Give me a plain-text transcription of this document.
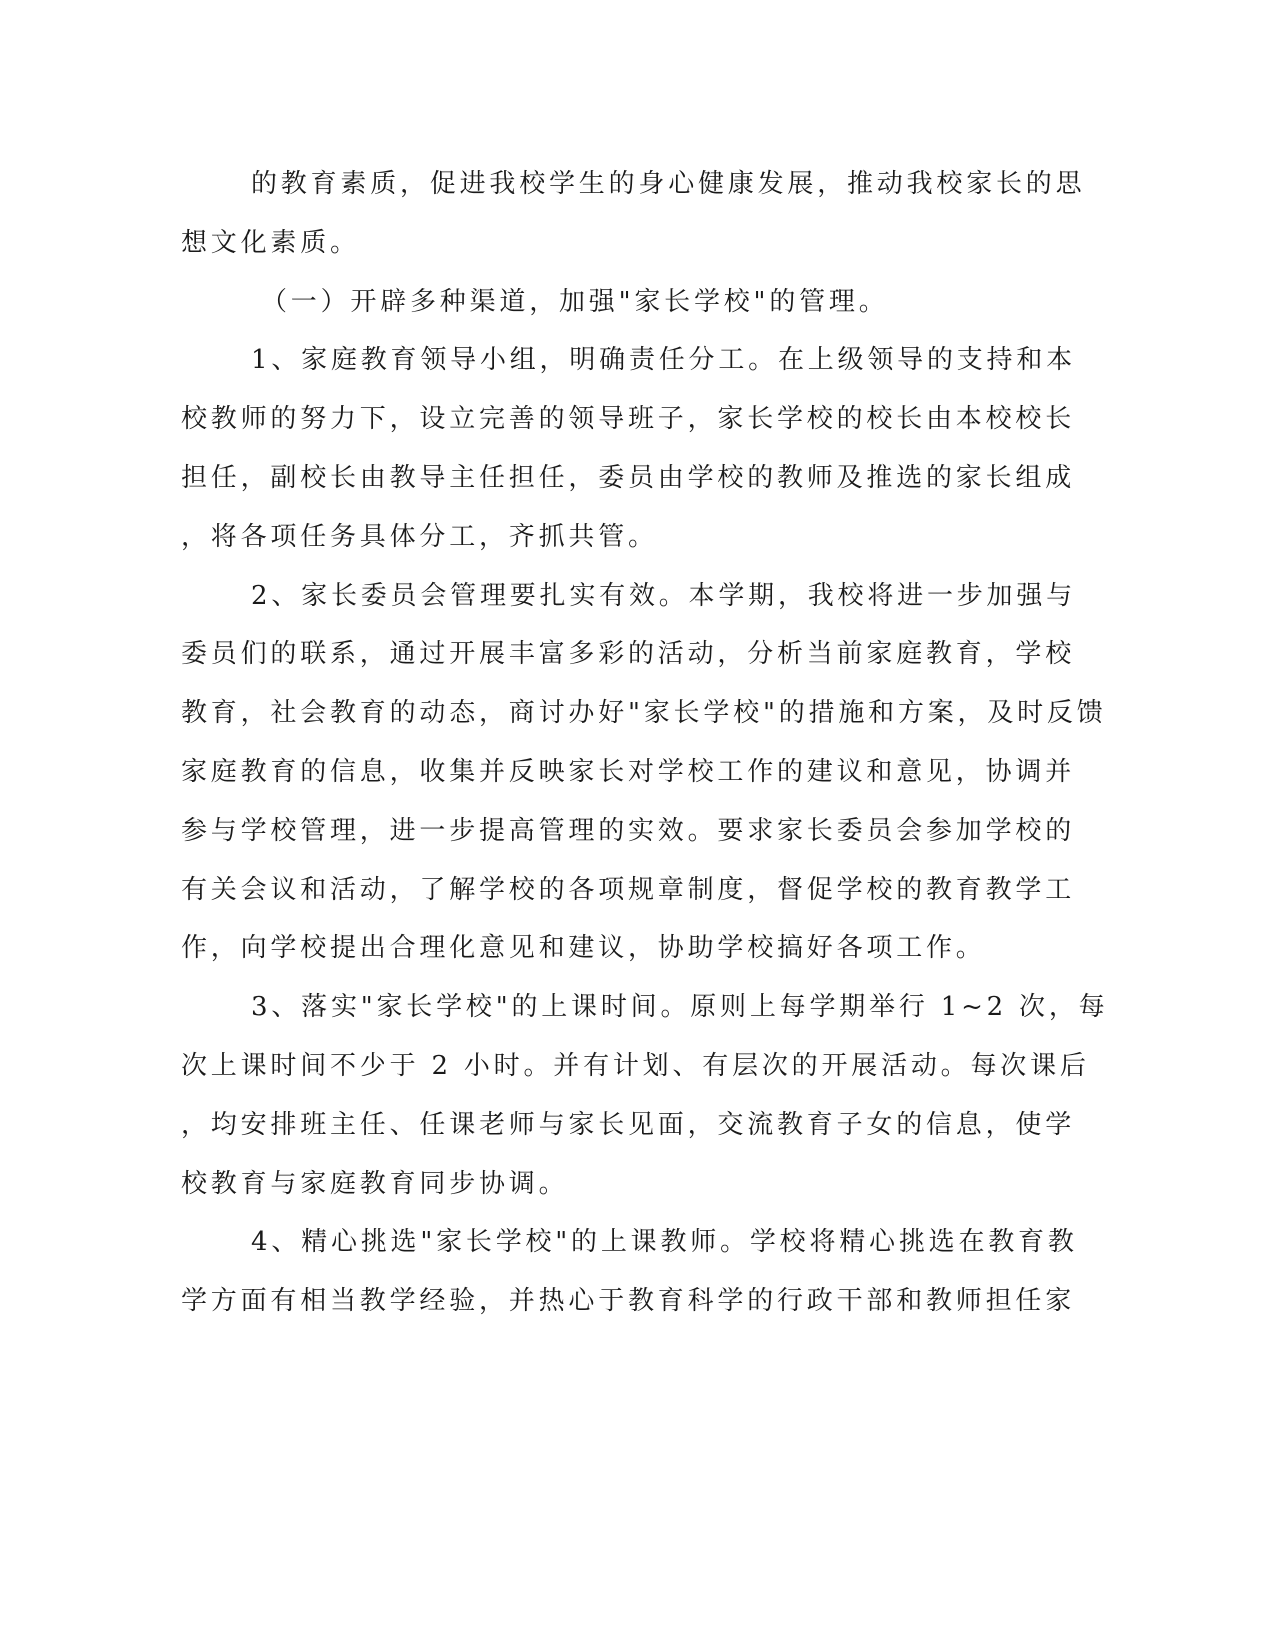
的教育素质，促进我校学生的身心健康发展，推动我校家长的思
想文化素质。
（一）开辟多种渠道，加强"家长学校"的管理。
1、家庭教育领导小组，明确责任分工。在上级领导的支持和本
校教师的努力下，设立完善的领导班子，家长学校的校长由本校校长
担任，副校长由教导主任担任，委员由学校的教师及推选的家长组成
，将各项任务具体分工，齐抓共管。
2、家长委员会管理要扎实有效。本学期，我校将进一步加强与
委员们的联系，通过开展丰富多彩的活动，分析当前家庭教育，学校
教育，社会教育的动态，商讨办好"家长学校"的措施和方案，及时反馈
家庭教育的信息，收集并反映家长对学校工作的建议和意见，协调并
参与学校管理，进一步提高管理的实效。要求家长委员会参加学校的
有关会议和活动，了解学校的各项规章制度，督促学校的教育教学工
作，向学校提出合理化意见和建议，协助学校搞好各项工作。
3、落实"家长学校"的上课时间。原则上每学期举行 1~2 次，每
次上课时间不少于 2 小时。并有计划、有层次的开展活动。每次课后
，均安排班主任、任课老师与家长见面，交流教育子女的信息，使学
校教育与家庭教育同步协调。
4、精心挑选"家长学校"的上课教师。学校将精心挑选在教育教
学方面有相当教学经验，并热心于教育科学的行政干部和教师担任家
